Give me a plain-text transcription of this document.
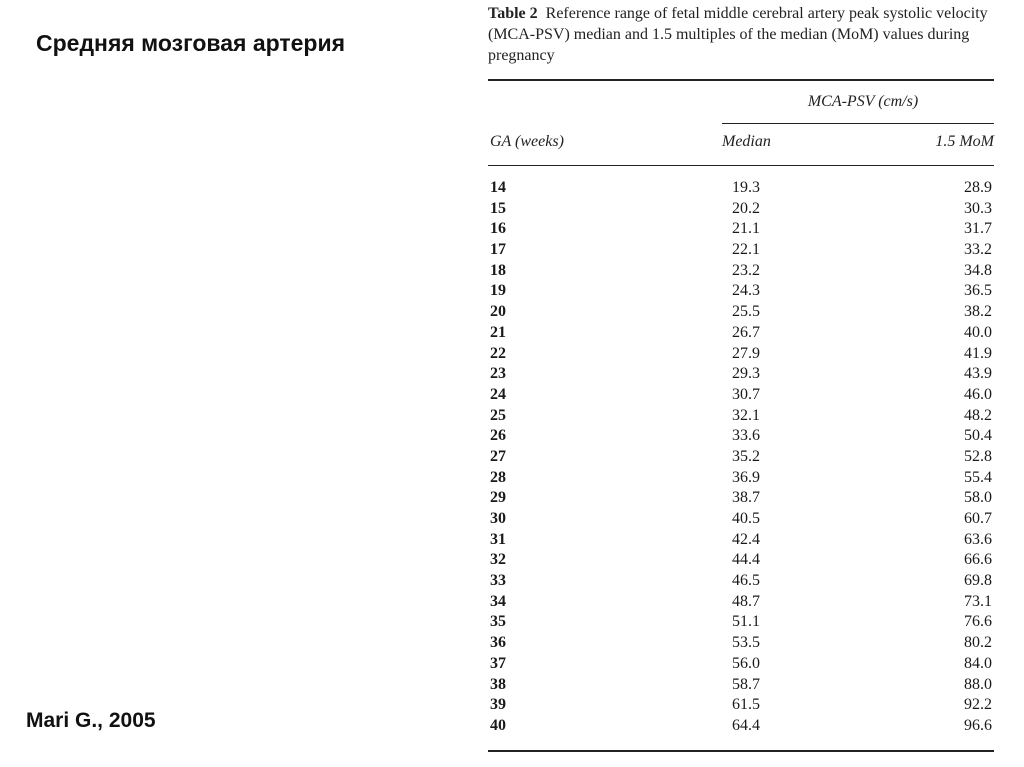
Средняя мозговая артерия
Mari G., 2005
Table 2 Reference range of fetal middle cerebral artery peak systolic velocity (MCA-PSV) median and 1.5 multiples of the median (MoM) values during pregnancy
MCA-PSV (cm/s)
GA (weeks)	Median	1.5 MoM
14	19.3	28.9
15	20.2	30.3
16	21.1	31.7
17	22.1	33.2
18	23.2	34.8
19	24.3	36.5
20	25.5	38.2
21	26.7	40.0
22	27.9	41.9
23	29.3	43.9
24	30.7	46.0
25	32.1	48.2
26	33.6	50.4
27	35.2	52.8
28	36.9	55.4
29	38.7	58.0
30	40.5	60.7
31	42.4	63.6
32	44.4	66.6
33	46.5	69.8
34	48.7	73.1
35	51.1	76.6
36	53.5	80.2
37	56.0	84.0
38	58.7	88.0
39	61.5	92.2
40	64.4	96.6
